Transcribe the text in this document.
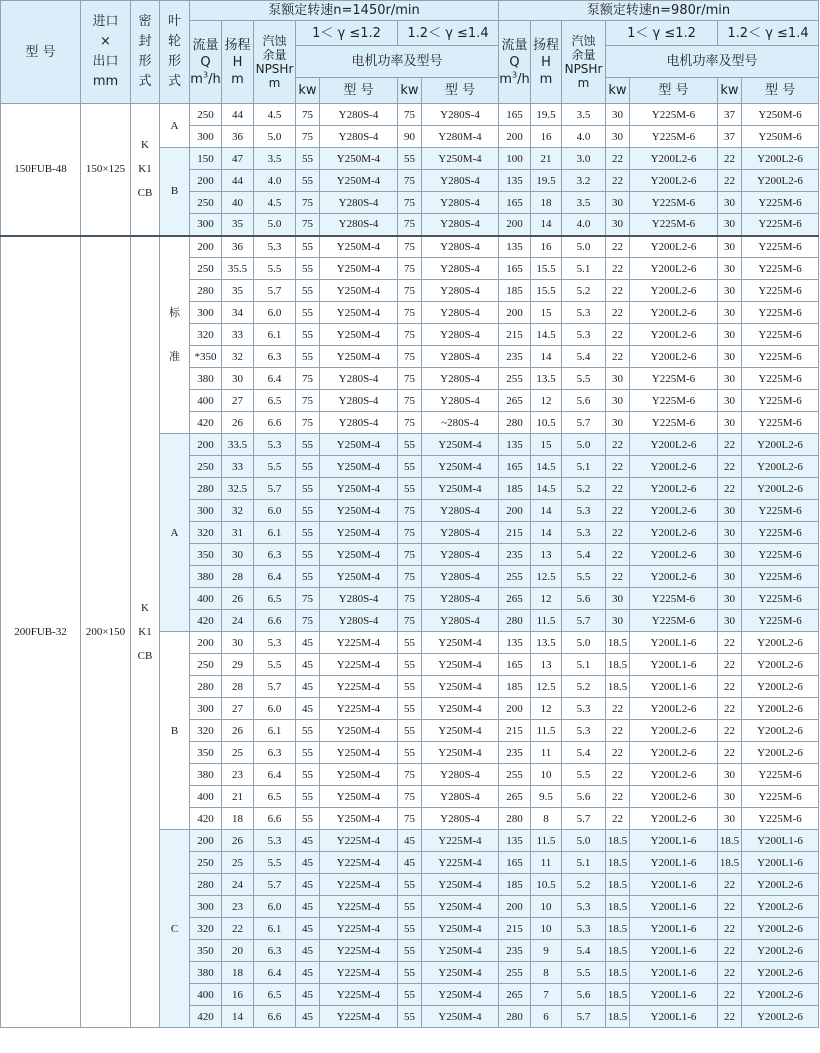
型 号	进口
×
出口
mm	密
封
形
式	叶
轮
形
式	泵额定转速n=1450r/min							泵额定转速n=980r/min						
				流量
Q
$m^3/h$	扬程
H
m	汽蚀
余量
NPSHr
m	1＜ γ ≤1.2		1.2＜ γ ≤1.4		流量
Q
$m^3/h$	扬程
H
m	汽蚀
余量
NPSHr
m	1＜ γ ≤1.2		1.2＜ γ ≤1.4	
							电机功率及型号							电机功率及型号			
							kw	型 号	kw	型 号				kw	型 号	kw	型 号
150FUB-48	150×125	K
K1
CB	A	250	44	4.5	75	Y280S-4	75	Y280S-4	165	19.5	3.5	30	Y225M-6	37	Y250M-6
				300	36	5.0	75	Y280S-4	90	Y280M-4	200	16	4.0	30	Y225M-6	37	Y250M-6
			B	150	47	3.5	55	Y250M-4	55	Y250M-4	100	21	3.0	22	Y200L2-6	22	Y200L2-6
				200	44	4.0	55	Y250M-4	75	Y280S-4	135	19.5	3.2	22	Y200L2-6	22	Y200L2-6
				250	40	4.5	75	Y280S-4	75	Y280S-4	165	18	3.5	30	Y225M-6	30	Y225M-6
				300	35	5.0	75	Y280S-4	75	Y280S-4	200	14	4.0	30	Y225M-6	30	Y225M-6
200FUB-32	200×150	K
K1
CB	标准	200	36	5.3	55	Y250M-4	75	Y280S-4	135	16	5.0	22	Y200L2-6	30	Y225M-6
				250	35.5	5.5	55	Y250M-4	75	Y280S-4	165	15.5	5.1	22	Y200L2-6	30	Y225M-6
				280	35	5.7	55	Y250M-4	75	Y280S-4	185	15.5	5.2	22	Y200L2-6	30	Y225M-6
				300	34	6.0	55	Y250M-4	75	Y280S-4	200	15	5.3	22	Y200L2-6	30	Y225M-6
				320	33	6.1	55	Y250M-4	75	Y280S-4	215	14.5	5.3	22	Y200L2-6	30	Y225M-6
				*350	32	6.3	55	Y250M-4	75	Y280S-4	235	14	5.4	22	Y200L2-6	30	Y225M-6
				380	30	6.4	75	Y280S-4	75	Y280S-4	255	13.5	5.5	30	Y225M-6	30	Y225M-6
				400	27	6.5	75	Y280S-4	75	Y280S-4	265	12	5.6	30	Y225M-6	30	Y225M-6
				420	26	6.6	75	Y280S-4	75	~280S-4	280	10.5	5.7	30	Y225M-6	30	Y225M-6
			A	200	33.5	5.3	55	Y250M-4	55	Y250M-4	135	15	5.0	22	Y200L2-6	22	Y200L2-6
				250	33	5.5	55	Y250M-4	55	Y250M-4	165	14.5	5.1	22	Y200L2-6	22	Y200L2-6
				280	32.5	5.7	55	Y250M-4	55	Y250M-4	185	14.5	5.2	22	Y200L2-6	22	Y200L2-6
				300	32	6.0	55	Y250M-4	75	Y280S-4	200	14	5.3	22	Y200L2-6	30	Y225M-6
				320	31	6.1	55	Y250M-4	75	Y280S-4	215	14	5.3	22	Y200L2-6	30	Y225M-6
				350	30	6.3	55	Y250M-4	75	Y280S-4	235	13	5.4	22	Y200L2-6	30	Y225M-6
				380	28	6.4	55	Y250M-4	75	Y280S-4	255	12.5	5.5	22	Y200L2-6	30	Y225M-6
				400	26	6.5	75	Y280S-4	75	Y280S-4	265	12	5.6	30	Y225M-6	30	Y225M-6
				420	24	6.6	75	Y280S-4	75	Y280S-4	280	11.5	5.7	30	Y225M-6	30	Y225M-6
			B	200	30	5.3	45	Y225M-4	55	Y250M-4	135	13.5	5.0	18.5	Y200L1-6	22	Y200L2-6
				250	29	5.5	45	Y225M-4	55	Y250M-4	165	13	5.1	18.5	Y200L1-6	22	Y200L2-6
				280	28	5.7	45	Y225M-4	55	Y250M-4	185	12.5	5.2	18.5	Y200L1-6	22	Y200L2-6
				300	27	6.0	45	Y225M-4	55	Y250M-4	200	12	5.3	22	Y200L2-6	22	Y200L2-6
				320	26	6.1	55	Y250M-4	55	Y250M-4	215	11.5	5.3	22	Y200L2-6	22	Y200L2-6
				350	25	6.3	55	Y250M-4	55	Y250M-4	235	11	5.4	22	Y200L2-6	22	Y200L2-6
				380	23	6.4	55	Y250M-4	75	Y280S-4	255	10	5.5	22	Y200L2-6	30	Y225M-6
				400	21	6.5	55	Y250M-4	75	Y280S-4	265	9.5	5.6	22	Y200L2-6	30	Y225M-6
				420	18	6.6	55	Y250M-4	75	Y280S-4	280	8	5.7	22	Y200L2-6	30	Y225M-6
			C	200	26	5.3	45	Y225M-4	45	Y225M-4	135	11.5	5.0	18.5	Y200L1-6	18.5	Y200L1-6
				250	25	5.5	45	Y225M-4	45	Y225M-4	165	11	5.1	18.5	Y200L1-6	18.5	Y200L1-6
				280	24	5.7	45	Y225M-4	55	Y250M-4	185	10.5	5.2	18.5	Y200L1-6	22	Y200L2-6
				300	23	6.0	45	Y225M-4	55	Y250M-4	200	10	5.3	18.5	Y200L1-6	22	Y200L2-6
				320	22	6.1	45	Y225M-4	55	Y250M-4	215	10	5.3	18.5	Y200L1-6	22	Y200L2-6
				350	20	6.3	45	Y225M-4	55	Y250M-4	235	9	5.4	18.5	Y200L1-6	22	Y200L2-6
				380	18	6.4	45	Y225M-4	55	Y250M-4	255	8	5.5	18.5	Y200L1-6	22	Y200L2-6
				400	16	6.5	45	Y225M-4	55	Y250M-4	265	7	5.6	18.5	Y200L1-6	22	Y200L2-6
				420	14	6.6	45	Y225M-4	55	Y250M-4	280	6	5.7	18.5	Y200L1-6	22	Y200L2-6
